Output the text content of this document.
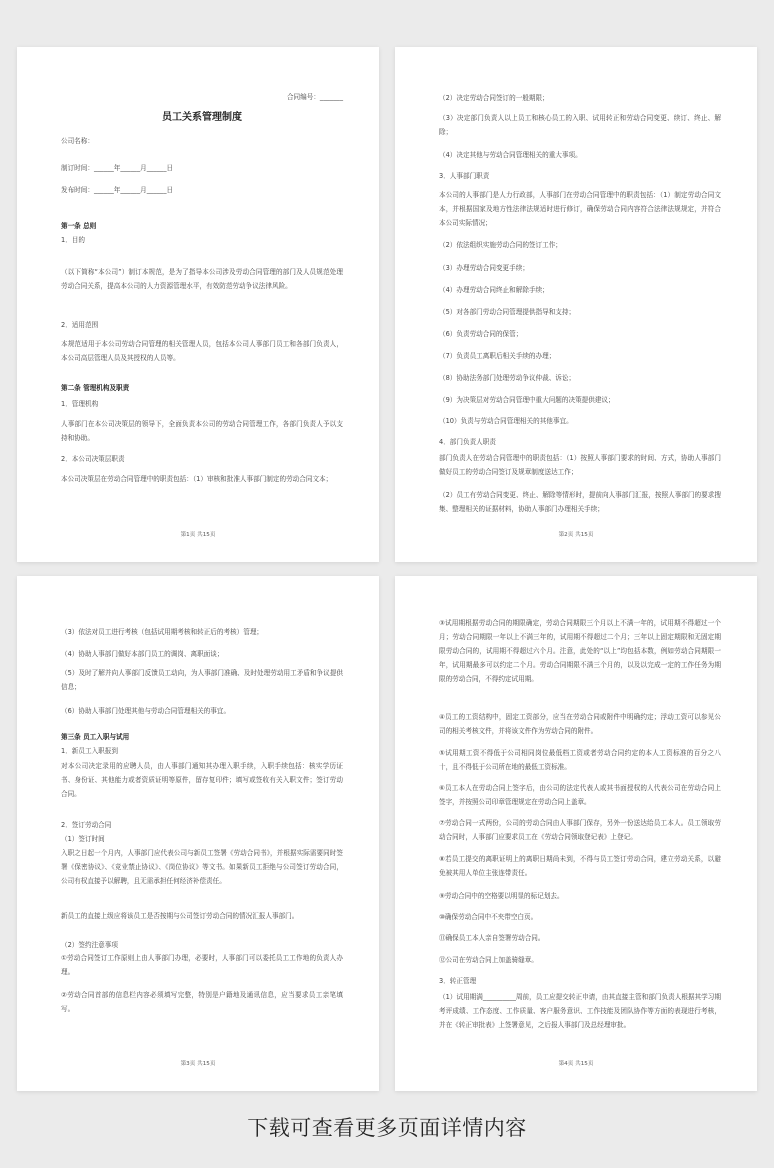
合同编号：_______
员工关系管理制度
公司名称：
制订时间：______年______月______日
发布时间：______年______月______日
第一条 总则
1．目的
（以下简称“本公司”）制订本规范，是为了指导本公司涉及劳动合同管理的部门及人员规范处理劳动合同关系，提高本公司的人力资源管理水平，有效防范劳动争议法律风险。
2．适用范围
本规范适用于本公司劳动合同管理的相关管理人员，包括本公司人事部门员工和各部门负责人，本公司高层管理人员及其授权的人员等。
第二条 管理机构及职责
1．管理机构
人事部门在本公司决策层的领导下，全面负责本公司的劳动合同管理工作，各部门负责人予以支持和协助。
2．本公司决策层职责
本公司决策层在劳动合同管理中的职责包括：（1）审核和批准人事部门制定的劳动合同文本；
第1页 共15页
（2）决定劳动合同签订的一般期限；
（3）决定部门负责人以上员工和核心员工的入职、试用转正和劳动合同变更、续订、终止、解除；
（4）决定其他与劳动合同管理相关的重大事项。
3．人事部门职责
本公司的人事部门是人力行政部，人事部门在劳动合同管理中的职责包括：（1）制定劳动合同文本，并根据国家及地方性法律法规适时进行修订，确保劳动合同内容符合法律法规规定，并符合本公司实际情况；
（2）依法组织实施劳动合同的签订工作；
（3）办理劳动合同变更手续；
（4）办理劳动合同终止和解除手续；
（5）对各部门劳动合同管理提供指导和支持；
（6）负责劳动合同的保管；
（7）负责员工离职后相关手续的办理；
（8）协助法务部门处理劳动争议仲裁、诉讼；
（9）为决策层对劳动合同管理中重大问题的决策提供建议；
（10）负责与劳动合同管理相关的其他事宜。
4．部门负责人职责
部门负责人在劳动合同管理中的职责包括：（1）按照人事部门要求的时间、方式，协助人事部门做好员工的劳动合同签订及规章制度送达工作；
（2）员工有劳动合同变更、终止、解除等情形时，提前向人事部门汇报，按照人事部门的要求搜集、整理相关的证据材料，协助人事部门办理相关手续；
第2页 共15页
（3）依法对员工进行考核（包括试用期考核和转正后的考核）管理；
（4）协助人事部门做好本部门员工的调岗、离职面谈；
（5）及时了解并向人事部门反馈员工动向，为人事部门准确、及时处理劳动用工矛盾和争议提供信息；
（6）协助人事部门处理其他与劳动合同管理相关的事宜。
第三条 员工入职与试用
1．新员工入职报到
对本公司决定录用的应聘人员，由人事部门通知其办理入职手续，入职手续包括：核实学历证书、身份证、其他能力或者资质证明等原件，留存复印件；填写或签收有关入职文件；签订劳动合同。
2．签订劳动合同
（1）签订时间
入职之日起一个月内，人事部门应代表公司与新员工签署《劳动合同书》，并根据实际需要同时签署《保密协议》、《竞业禁止协议》、《岗位协议》等文书。如果新员工拒绝与公司签订劳动合同，公司有权直接予以解聘，且无需承担任何经济补偿责任。
新员工的直接上级应将该员工是否按期与公司签订劳动合同的情况汇报人事部门。
（2）签约注意事项
①劳动合同签订工作原则上由人事部门办理，必要时，人事部门可以委托员工工作地的负责人办理。
②劳动合同首部的信息栏内容必须填写完整，特别是户籍地及通讯信息，应当要求员工亲笔填写。
第3页 共15页
③试用期根据劳动合同的期限确定，劳动合同期限三个月以上不满一年的，试用期不得超过一个月；劳动合同期限一年以上不满三年的，试用期不得超过二个月；三年以上固定期限和无固定期限劳动合同的，试用期不得超过六个月。注意，此处的“以上”均包括本数，例如劳动合同期限一年，试用期最多可以约定二个月。劳动合同期限不满三个月的，以及以完成一定的工作任务为期限的劳动合同，不得约定试用期。
④员工的工资结构中，固定工资部分，应当在劳动合同或附件中明确约定；浮动工资可以参见公司的相关考核文件，并将该文件作为劳动合同的附件。
⑤试用期工资不得低于公司相同岗位最低档工资或者劳动合同约定的本人工资标准的百分之八十，且不得低于公司所在地的最低工资标准。
⑥员工本人在劳动合同上签字后，由公司的法定代表人或其书面授权的人代表公司在劳动合同上签字，并按照公司印章管理规定在劳动合同上盖章。
⑦劳动合同一式两份，公司的劳动合同由人事部门保存，另外一份送达给员工本人。员工领取劳动合同时，人事部门应要求员工在《劳动合同领取登记表》上登记。
⑧若员工提交的离职证明上的离职日期尚未到，不得与员工签订劳动合同，建立劳动关系，以避免被其用人单位主张连带责任。
⑨劳动合同中的空格要以明显的标记划去。
⑩确保劳动合同中不夹带空白页。
⑪确保员工本人亲自签署劳动合同。
⑫公司在劳动合同上加盖骑缝章。
3．转正管理
（1）试用期满__________周前，员工应提交转正申请，由其直接主管和部门负责人根据其学习期考评成绩、工作态度、工作质量、客户服务意识、工作技能及团队协作等方面的表现进行考核，并在《转正审批表》上签署意见，之后报人事部门及总经理审批。
第4页 共15页
下载可查看更多页面详情内容
